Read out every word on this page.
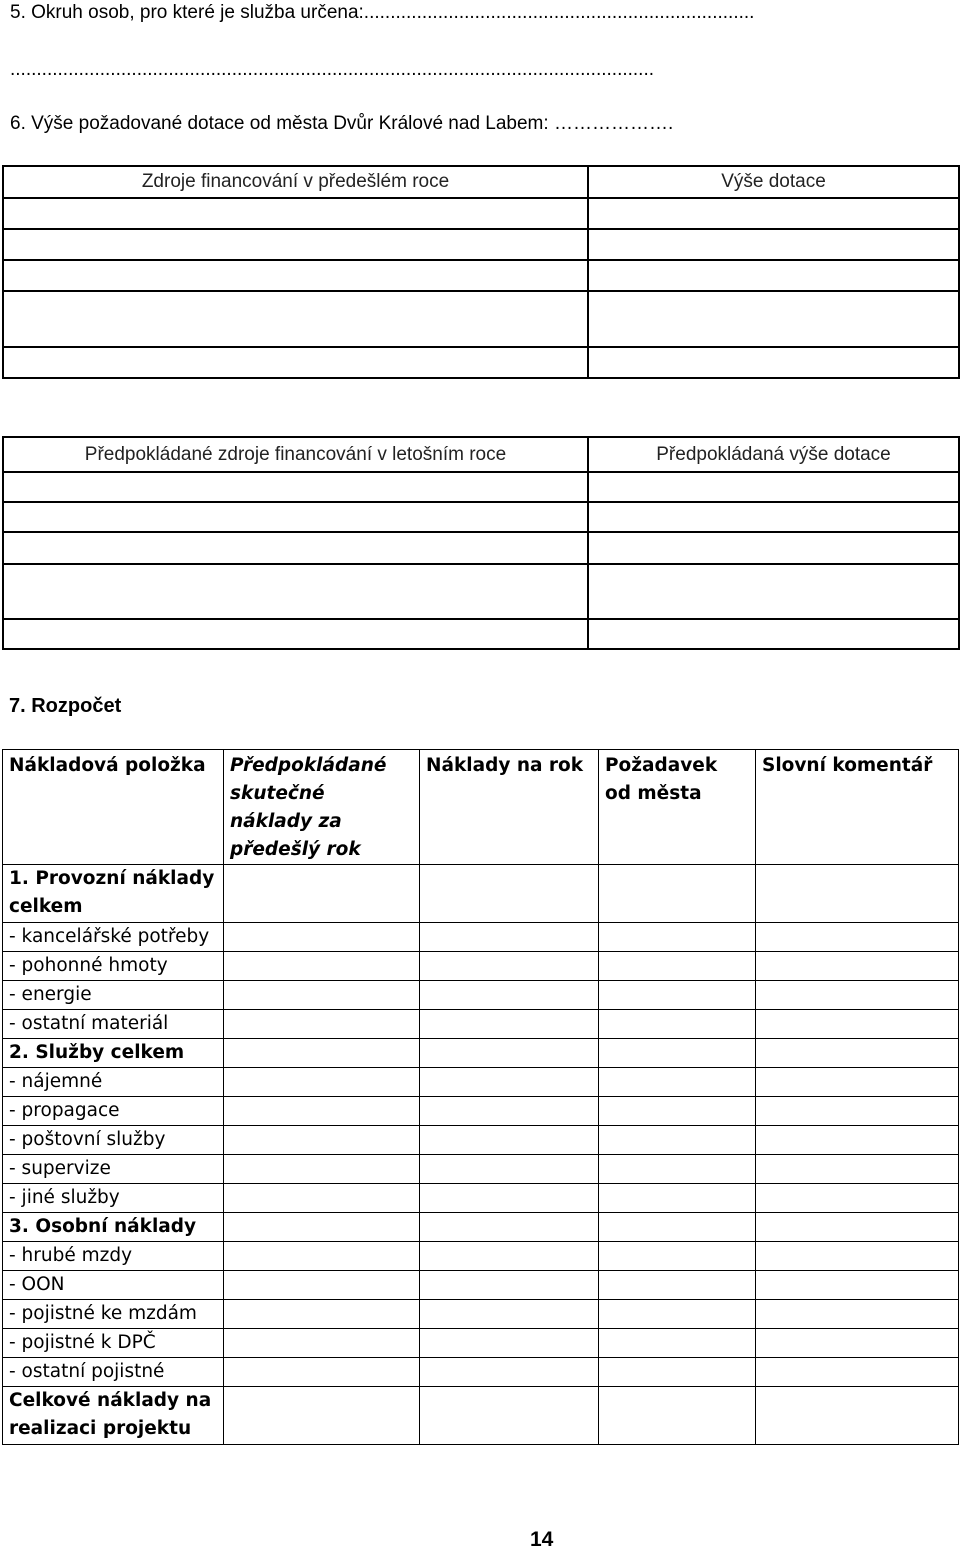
5. Okruh osob, pro které je služba určena:..........................................................................
..........................................................................................................................
6. Výše požadované dotace od města Dvůr Králové nad Labem: ……………….
Zdroje financování v předešlém roce	Výše dotace

Předpokládané zdroje financování v letošním roce	Předpokládaná výše dotace

7. Rozpočet
Nákladová položka	Předpokládané skutečné náklady za předešlý rok	Náklady na rok	Požadavek od města	Slovní komentář
1. Provozní náklady celkem				
- kancelářské potřeby				
- pohonné hmoty				
- energie				
- ostatní materiál				
2. Služby celkem				
- nájemné				
- propagace				
- poštovní služby				
- supervize				
- jiné služby				
3. Osobní náklady				
- hrubé mzdy				
- OON				
- pojistné ke mzdám				
- pojistné k DPČ				
- ostatní pojistné				
Celkové náklady na realizaci projektu				
14
